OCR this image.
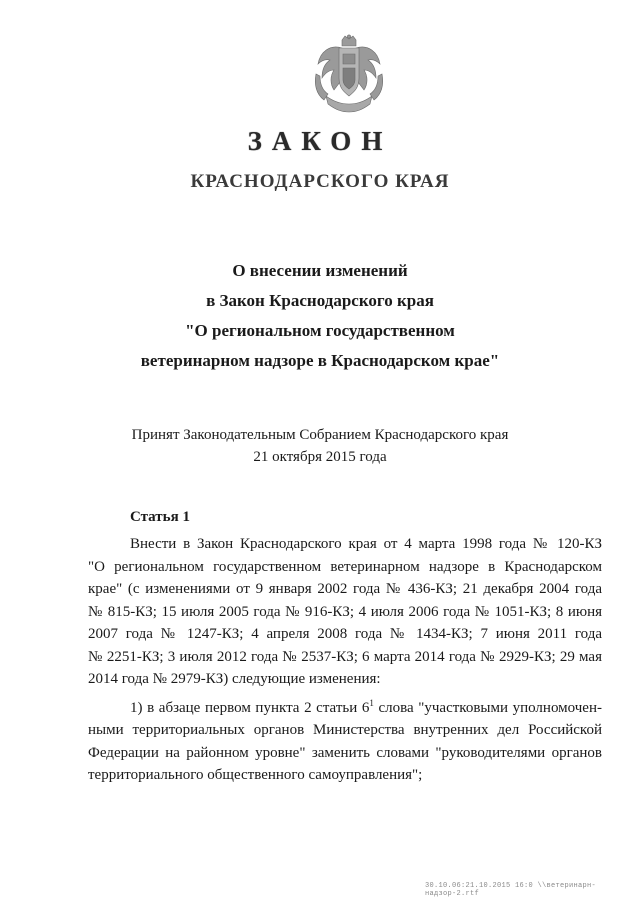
ЗАКОН
КРАСНОДАРСКОГО КРАЯ
О внесении изменений
в Закон Краснодарского края
"О региональном государственном
ветеринарном надзоре в Краснодарском крае"
Принят Законодательным Собранием Краснодарского края
21 октября 2015 года
Статья 1
Внести в Закон Краснодарского края от 4 марта 1998 года № 120-КЗ
"О региональном государственном ветеринарном надзоре в Краснодарском
крае" (с изменениями от 9 января 2002 года № 436-КЗ; 21 декабря 2004 года
№ 815-КЗ; 15 июля 2005 года № 916-КЗ; 4 июля 2006 года № 1051-КЗ; 8 июня
2007 года № 1247-КЗ; 4 апреля 2008 года № 1434-КЗ; 7 июня 2011 года
№ 2251-КЗ; 3 июля 2012 года № 2537-КЗ; 6 марта 2014 года № 2929-КЗ; 29 мая
2014 года № 2979-КЗ) следующие изменения:
1) в абзаце первом пункта 2 статьи $6^1$ слова "участковыми уполномочен-
ными территориальных органов Министерства внутренних дел Российской
Федерации на районном уровне" заменить словами "руководителями органов
территориального общественного самоуправления";
30.10.06:21.10.2015 16:0 \\ветеринарн-надзор-2.rtf
